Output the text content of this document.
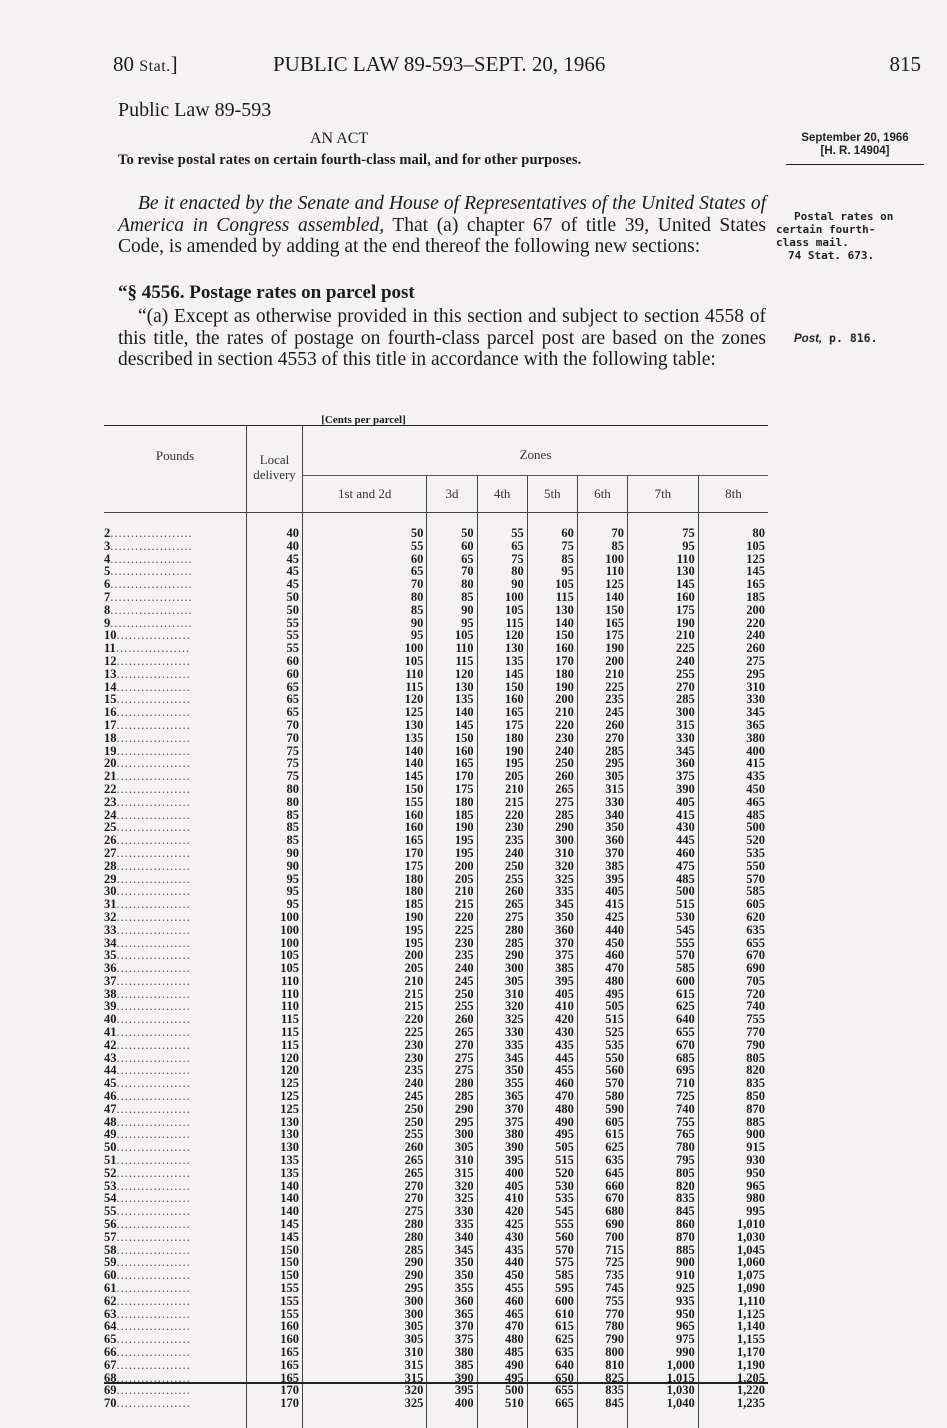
80 Stat.]	PUBLIC LAW 89-593–SEPT. 20, 1966	815
Public Law 89-593
AN ACT
To revise postal rates on certain fourth-class mail, and for other purposes.
September 20, 1966
[H. R. 14904]
Postal rates on
certain fourth-
class mail.
74 Stat. 673.
Post, p. 816.

Be it enacted by the Senate and House of Representatives of the United States of America in Congress assembled, That (a) chapter 67 of title 39, United States Code, is amended by adding at the end thereof the following new sections:

“§ 4556. Postage rates on parcel post

“(a) Except as otherwise provided in this section and subject to section 4558 of this title, the rates of postage on fourth-class parcel post are based on the zones described in section 4553 of this title in accordance with the following table:

[Cents per parcel]
Pounds	Local delivery	Zones						
		1st and 2d	3d	4th	5th	6th	7th	8th

2....................	40	50	50	55	60	70	75	80
3....................	40	55	60	65	75	85	95	105
4....................	45	60	65	75	85	100	110	125
5....................	45	65	70	80	95	110	130	145
6....................	45	70	80	90	105	125	145	165
7....................	50	80	85	100	115	140	160	185
8....................	50	85	90	105	130	150	175	200
9....................	55	90	95	115	140	165	190	220
10..................	55	95	105	120	150	175	210	240
11..................	55	100	110	130	160	190	225	260
12..................	60	105	115	135	170	200	240	275
13..................	60	110	120	145	180	210	255	295
14..................	65	115	130	150	190	225	270	310
15..................	65	120	135	160	200	235	285	330
16..................	65	125	140	165	210	245	300	345
17..................	70	130	145	175	220	260	315	365
18..................	70	135	150	180	230	270	330	380
19..................	75	140	160	190	240	285	345	400
20..................	75	140	165	195	250	295	360	415
21..................	75	145	170	205	260	305	375	435
22..................	80	150	175	210	265	315	390	450
23..................	80	155	180	215	275	330	405	465
24..................	85	160	185	220	285	340	415	485
25..................	85	160	190	230	290	350	430	500
26..................	85	165	195	235	300	360	445	520
27..................	90	170	195	240	310	370	460	535
28..................	90	175	200	250	320	385	475	550
29..................	95	180	205	255	325	395	485	570
30..................	95	180	210	260	335	405	500	585
31..................	95	185	215	265	345	415	515	605
32..................	100	190	220	275	350	425	530	620
33..................	100	195	225	280	360	440	545	635
34..................	100	195	230	285	370	450	555	655
35..................	105	200	235	290	375	460	570	670
36..................	105	205	240	300	385	470	585	690
37..................	110	210	245	305	395	480	600	705
38..................	110	215	250	310	405	495	615	720
39..................	110	215	255	320	410	505	625	740
40..................	115	220	260	325	420	515	640	755
41..................	115	225	265	330	430	525	655	770
42..................	115	230	270	335	435	535	670	790
43..................	120	230	275	345	445	550	685	805
44..................	120	235	275	350	455	560	695	820
45..................	125	240	280	355	460	570	710	835
46..................	125	245	285	365	470	580	725	850
47..................	125	250	290	370	480	590	740	870
48..................	130	250	295	375	490	605	755	885
49..................	130	255	300	380	495	615	765	900
50..................	130	260	305	390	505	625	780	915
51..................	135	265	310	395	515	635	795	930
52..................	135	265	315	400	520	645	805	950
53..................	140	270	320	405	530	660	820	965
54..................	140	270	325	410	535	670	835	980
55..................	140	275	330	420	545	680	845	995
56..................	145	280	335	425	555	690	860	1,010
57..................	145	280	340	430	560	700	870	1,030
58..................	150	285	345	435	570	715	885	1,045
59..................	150	290	350	440	575	725	900	1,060
60..................	150	290	350	450	585	735	910	1,075
61..................	155	295	355	455	595	745	925	1,090
62..................	155	300	360	460	600	755	935	1,110
63..................	155	300	365	465	610	770	950	1,125
64..................	160	305	370	470	615	780	965	1,140
65..................	160	305	375	480	625	790	975	1,155
66..................	165	310	380	485	635	800	990	1,170
67..................	165	315	385	490	640	810	1,000	1,190
68..................	165	315	390	495	650	825	1,015	1,205
69..................	170	320	395	500	655	835	1,030	1,220
70..................	170	325	400	510	665	845	1,040	1,235
